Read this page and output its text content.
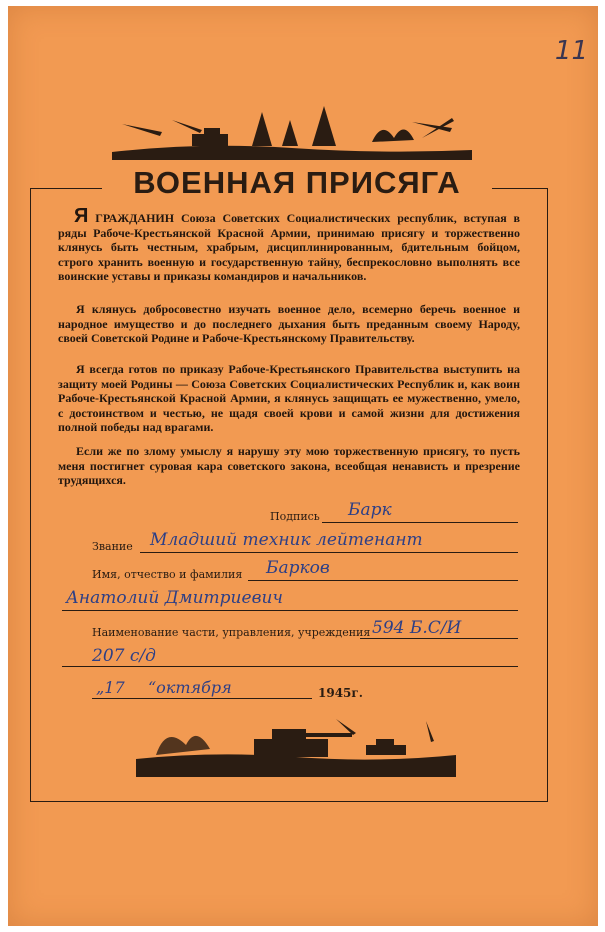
11
ВОЕННАЯ ПРИСЯГА
Я ГРАЖДАНИН Союза Советских Социалистических республик, вступая в ряды Рабоче-Крестьянской Красной Армии, принимаю присягу и торжественно клянусь быть честным, храбрым, дисциплинированным, бдительным бойцом, строго хранить военную и государственную тайну, беспрекословно выполнять все воинские уставы и приказы командиров и начальников.
Я клянусь добросовестно изучать военное дело, всемерно беречь военное и народное имущество и до последнего дыхания быть преданным своему Народу, своей Советской Родине и Рабоче-Крестьянскому Правительству.
Я всегда готов по приказу Рабоче-Крестьянского Правительства выступить на защиту моей Родины — Союза Советских Социалистических Республик и, как воин Рабоче-Крестьянской Красной Армии, я клянусь защищать ее мужественно, умело, с достоинством и честью, не щадя своей крови и самой жизни для достижения полной победы над врагами.
Если же по злому умыслу я нарушу эту мою торжественную присягу, то пусть меня постигнет суровая кара советского закона, всеобщая ненависть и презрение трудящихся.
Подпись Барк
Звание Младший техник лейтенант
Имя, отчество и фамилия Барков
Анатолий Дмитриевич
Наименование части, управления, учреждения 594 Б.С/И
207 с/д
„17 “октября	1945г.
